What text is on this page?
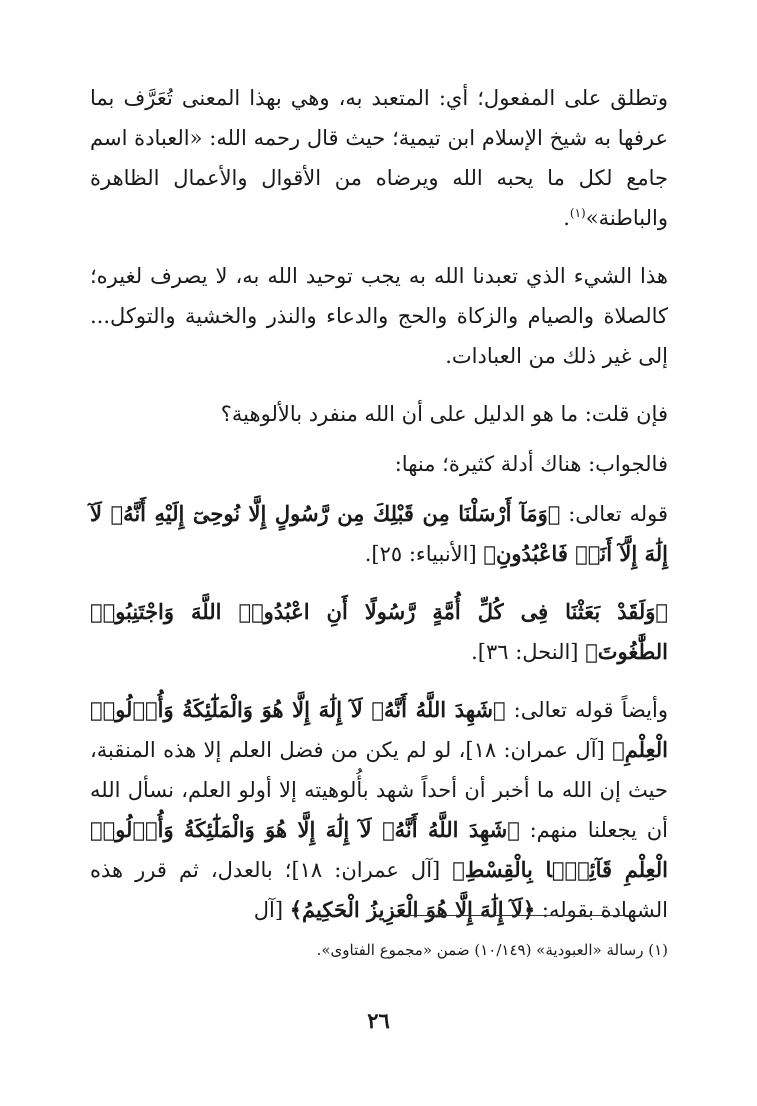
وتطلق على المفعول؛ أي: المتعبد به، وهي بهذا المعنى تُعَرَّف بما عرفها به شيخ الإسلام ابن تيمية؛ حيث قال رحمه الله: «العبادة اسم جامع لكل ما يحبه الله ويرضاه من الأقوال والأعمال الظاهرة والباطنة»$^{(١)}$.

هذا الشيء الذي تعبدنا الله به يجب توحيد الله به، لا يصرف لغيره؛ كالصلاة والصيام والزكاة والحج والدعاء والنذر والخشية والتوكل... إلى غير ذلك من العبادات.

فإن قلت: ما هو الدليل على أن الله منفرد بالألوهية؟

فالجواب: هناك أدلة كثيرة؛ منها:

قوله تعالى: ﴿وَمَآ أَرْسَلْنَا مِن قَبْلِكَ مِن رَّسُولٍ إِلَّا نُوحِىٓ إِلَيْهِ أَنَّهُۥ لَآ إِلَٰهَ إِلَّآ أَنَا۠ فَاعْبُدُونِ﴾ [الأنبياء: ٢٥].

﴿وَلَقَدْ بَعَثْنَا فِى كُلِّ أُمَّةٍ رَّسُولًا أَنِ اعْبُدُوا۟ اللَّهَ وَاجْتَنِبُوا۟ الطَّٰغُوتَ﴾ [النحل: ٣٦].

وأيضاً قوله تعالى: ﴿شَهِدَ اللَّهُ أَنَّهُۥ لَآ إِلَٰهَ إِلَّا هُوَ وَالْمَلَٰٓئِكَةُ وَأُو۟لُوا۟ الْعِلْمِ﴾ [آل عمران: ١٨]، لو لم يكن من فضل العلم إلا هذه المنقبة، حيث إن الله ما أخبر أن أحداً شهد بأُلوهيته إلا أولو العلم، نسأل الله أن يجعلنا منهم: ﴿شَهِدَ اللَّهُ أَنَّهُۥ لَآ إِلَٰهَ إِلَّا هُوَ وَالْمَلَٰٓئِكَةُ وَأُو۟لُوا۟ الْعِلْمِ قَآئِمًۢا بِالْقِسْطِ﴾ [آل عمران: ١٨]؛ بالعدل، ثم قرر هذه الشهادة بقوله: ﴿لَآ إِلَٰهَ إِلَّا هُوَ الْعَزِيزُ الْحَكِيمُ﴾ [آل

(١) رسالة «العبودية» (١٠/١٤٩) ضمن «مجموع الفتاوى».
٢٦
